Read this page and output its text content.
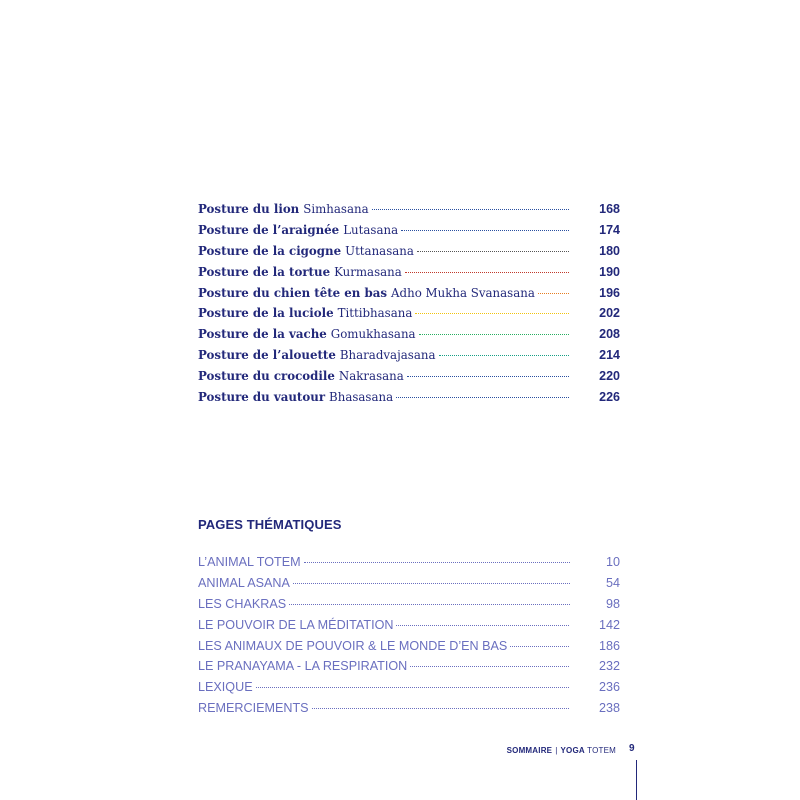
Posture du lion Simhasana	168
Posture de l’araignée Lutasana	174
Posture de la cigogne Uttanasana	180
Posture de la tortue Kurmasana	190
Posture du chien tête en bas Adho Mukha Svanasana	196
Posture de la luciole Tittibhasana	202
Posture de la vache Gomukhasana	208
Posture de l’alouette Bharadvajasana	214
Posture du crocodile Nakrasana	220
Posture du vautour Bhasasana	226
PAGES THÉMATIQUES
L’ANIMAL TOTEM	10
ANIMAL ASANA	54
LES CHAKRAS	98
LE POUVOIR DE LA MÉDITATION	142
LES ANIMAUX DE POUVOIR & LE MONDE D’EN BAS	186
LE PRANAYAMA - LA RESPIRATION	232
LEXIQUE	236
REMERCIEMENTS	238
SOMMAIRE | YOGA TOTEM 9
